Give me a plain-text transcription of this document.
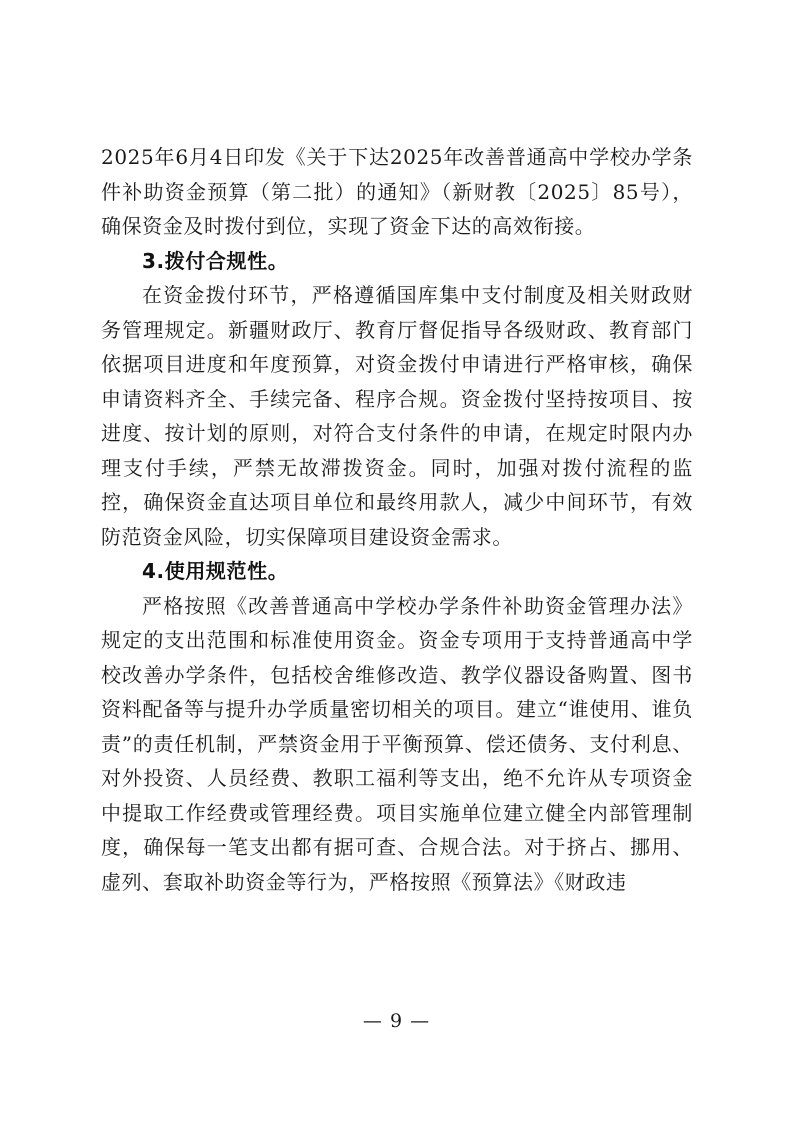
2025年6月4日印发《关于下达2025年改善普通高中学校办学条件补助资金预算（第二批）的通知》（新财教〔2025〕85号），确保资金及时拨付到位，实现了资金下达的高效衔接。

3.拨付合规性。

在资金拨付环节，严格遵循国库集中支付制度及相关财政财务管理规定。新疆财政厅、教育厅督促指导各级财政、教育部门依据项目进度和年度预算，对资金拨付申请进行严格审核，确保申请资料齐全、手续完备、程序合规。资金拨付坚持按项目、按进度、按计划的原则，对符合支付条件的申请，在规定时限内办理支付手续，严禁无故滞拨资金。同时，加强对拨付流程的监控，确保资金直达项目单位和最终用款人，减少中间环节，有效防范资金风险，切实保障项目建设资金需求。

4.使用规范性。

严格按照《改善普通高中学校办学条件补助资金管理办法》规定的支出范围和标准使用资金。资金专项用于支持普通高中学校改善办学条件，包括校舍维修改造、教学仪器设备购置、图书资料配备等与提升办学质量密切相关的项目。建立“谁使用、谁负责”的责任机制，严禁资金用于平衡预算、偿还债务、支付利息、对外投资、人员经费、教职工福利等支出，绝不允许从专项资金中提取工作经费或管理经费。项目实施单位建立健全内部管理制度，确保每一笔支出都有据可查、合规合法。对于挤占、挪用、虚列、套取补助资金等行为，严格按照《预算法》《财政违

— 9 —
